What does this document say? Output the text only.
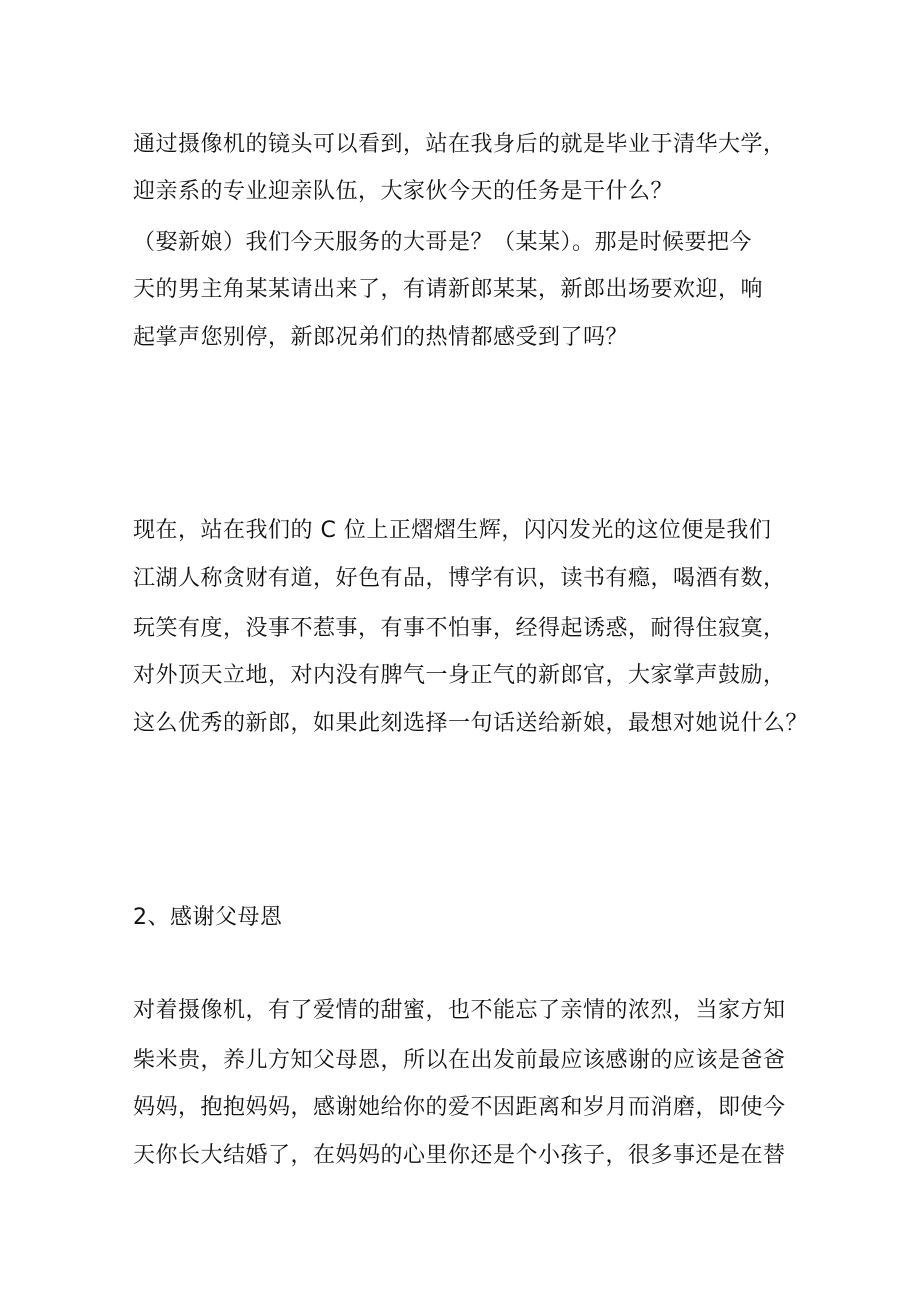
通过摄像机的镜头可以看到，站在我身后的就是毕业于清华大学，
迎亲系的专业迎亲队伍，大家伙今天的任务是干什么？
（娶新娘）我们今天服务的大哥是？（某某）。那是时候要把今
天的男主角某某请出来了，有请新郎某某，新郎出场要欢迎，响
起掌声您别停，新郎况弟们的热情都感受到了吗？
现在，站在我们的 C 位上正熠熠生辉，闪闪发光的这位便是我们
江湖人称贪财有道，好色有品，博学有识，读书有瘾，喝酒有数，
玩笑有度，没事不惹事，有事不怕事，经得起诱惑，耐得住寂寞，
对外顶天立地，对内没有脾气一身正气的新郎官，大家掌声鼓励，
这么优秀的新郎，如果此刻选择一句话送给新娘，最想对她说什么？
2、感谢父母恩
对着摄像机，有了爱情的甜蜜，也不能忘了亲情的浓烈，当家方知
柴米贵，养儿方知父母恩，所以在出发前最应该感谢的应该是爸爸
妈妈，抱抱妈妈，感谢她给你的爱不因距离和岁月而消磨，即使今
天你长大结婚了，在妈妈的心里你还是个小孩子，很多事还是在替
